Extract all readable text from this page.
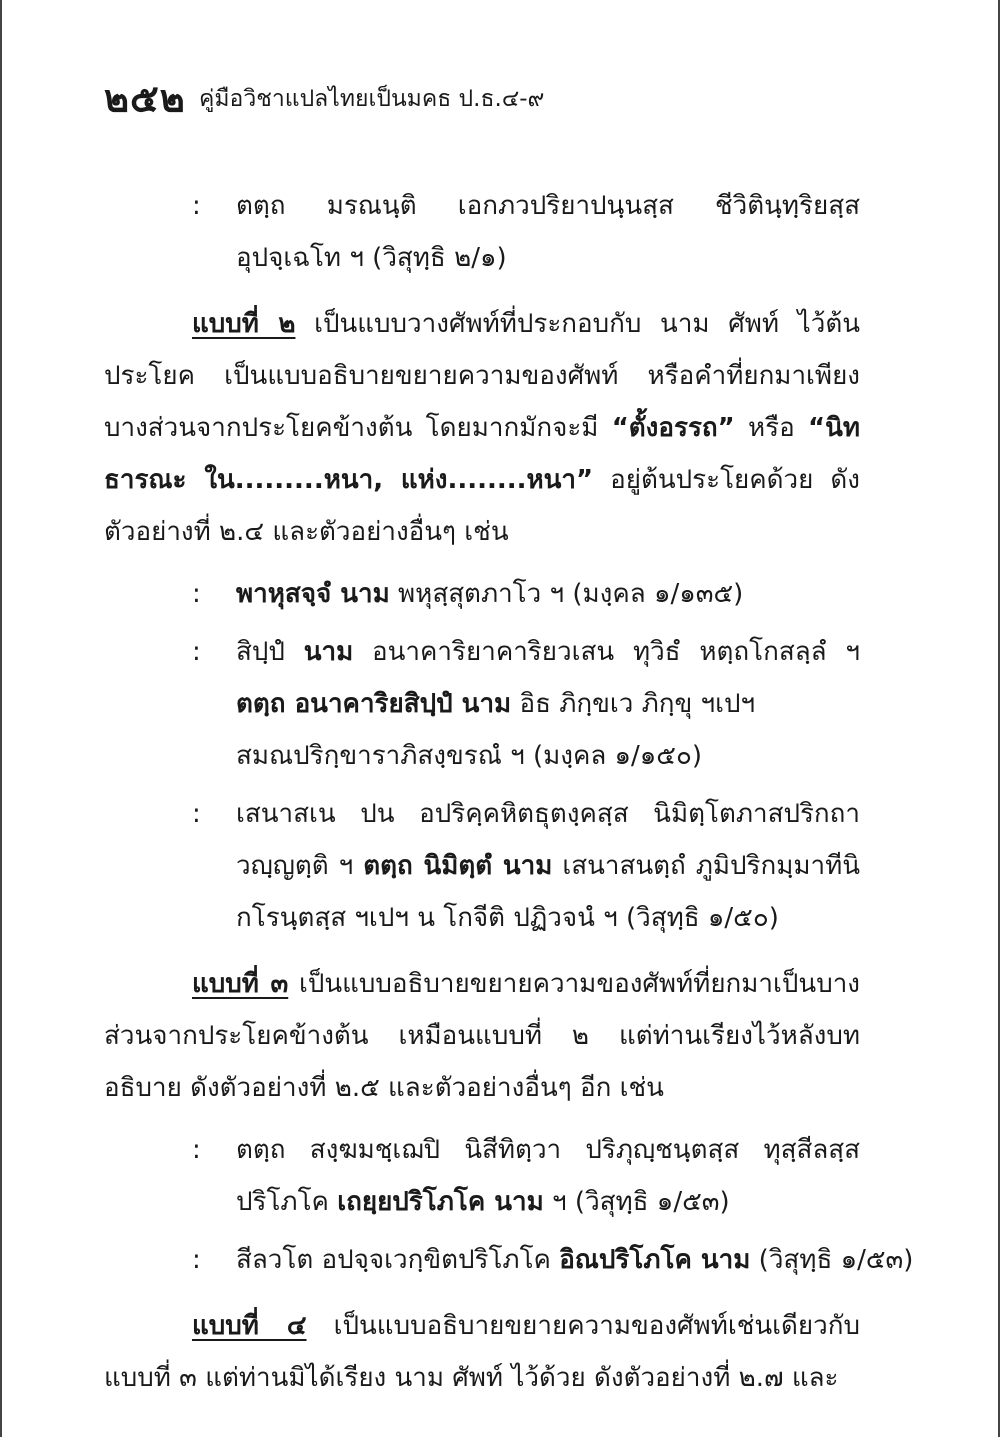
๒๕๒ คู่มือวิชาแปลไทยเป็นมคธ ป.ธ.๔-๙
: ตตฺถ มรณนฺติ เอกภวปริยาปนฺนสฺส ชีวิตินฺทฺริยสฺส
อุปจฺเฉโท ฯ (วิสุทฺธิ ๒/๑)

แบบที่ ๒ เป็นแบบวางศัพท์ที่ประกอบกับ นาม ศัพท์ ไว้ต้นประโยค เป็นแบบอธิบายขยายความของศัพท์ หรือคำที่ยกมาเพียงบางส่วนจากประโยคข้างต้น โดยมากมักจะมี “ตั้งอรรถ” หรือ “นิทธารณะ ใน.........หนา, แห่ง........หนา” อยู่ต้นประโยคด้วย ดังตัวอย่างที่ ๒.๔ และตัวอย่างอื่นๆ เช่น

: พาหุสจฺจํ นาม พหุสฺสุตภาโว ฯ (มงฺคล ๑/๑๓๕)
: สิปฺปํ นาม อนาคาริยาคาริยวเสน ทุวิธํ หตฺถโกสลฺลํ ฯ
ตตฺถ อนาคาริยสิปฺปํ นาม อิธ ภิกฺขเว ภิกฺขุ ฯเปฯ
สมณปริกฺขาราภิสงฺขรณํ ฯ (มงฺคล ๑/๑๕๐)
: เสนาสเน ปน อปริคฺคหิตธุตงฺคสฺส นิมิตฺโตภาสปริกถา
วญฺญตฺติ ฯ ตตฺถ นิมิตฺตํ นาม เสนาสนตฺถํ ภูมิปริกมฺมาทีนิ
กโรนฺตสฺส ฯเปฯ น โกจีติ ปฏิวจนํ ฯ (วิสุทฺธิ ๑/๕๐)

แบบที่ ๓ เป็นแบบอธิบายขยายความของศัพท์ที่ยกมาเป็นบางส่วนจากประโยคข้างต้น เหมือนแบบที่ ๒ แต่ท่านเรียงไว้หลังบทอธิบาย ดังตัวอย่างที่ ๒.๕ และตัวอย่างอื่นๆ อีก เช่น

: ตตฺถ สงฺฆมชฺเฌปิ นิสีทิตฺวา ปริภุญฺชนฺตสฺส ทุสฺสีลสฺส
ปริโภโค เถยฺยปริโภโค นาม ฯ (วิสุทฺธิ ๑/๕๓)
: สีลวโต อปจฺจเวกฺขิตปริโภโค อิณปริโภโค นาม (วิสุทฺธิ ๑/๕๓)

แบบที่ ๔ เป็นแบบอธิบายขยายความของศัพท์เช่นเดียวกับแบบที่ ๓ แต่ท่านมิได้เรียง นาม ศัพท์ ไว้ด้วย ดังตัวอย่างที่ ๒.๗ และ
